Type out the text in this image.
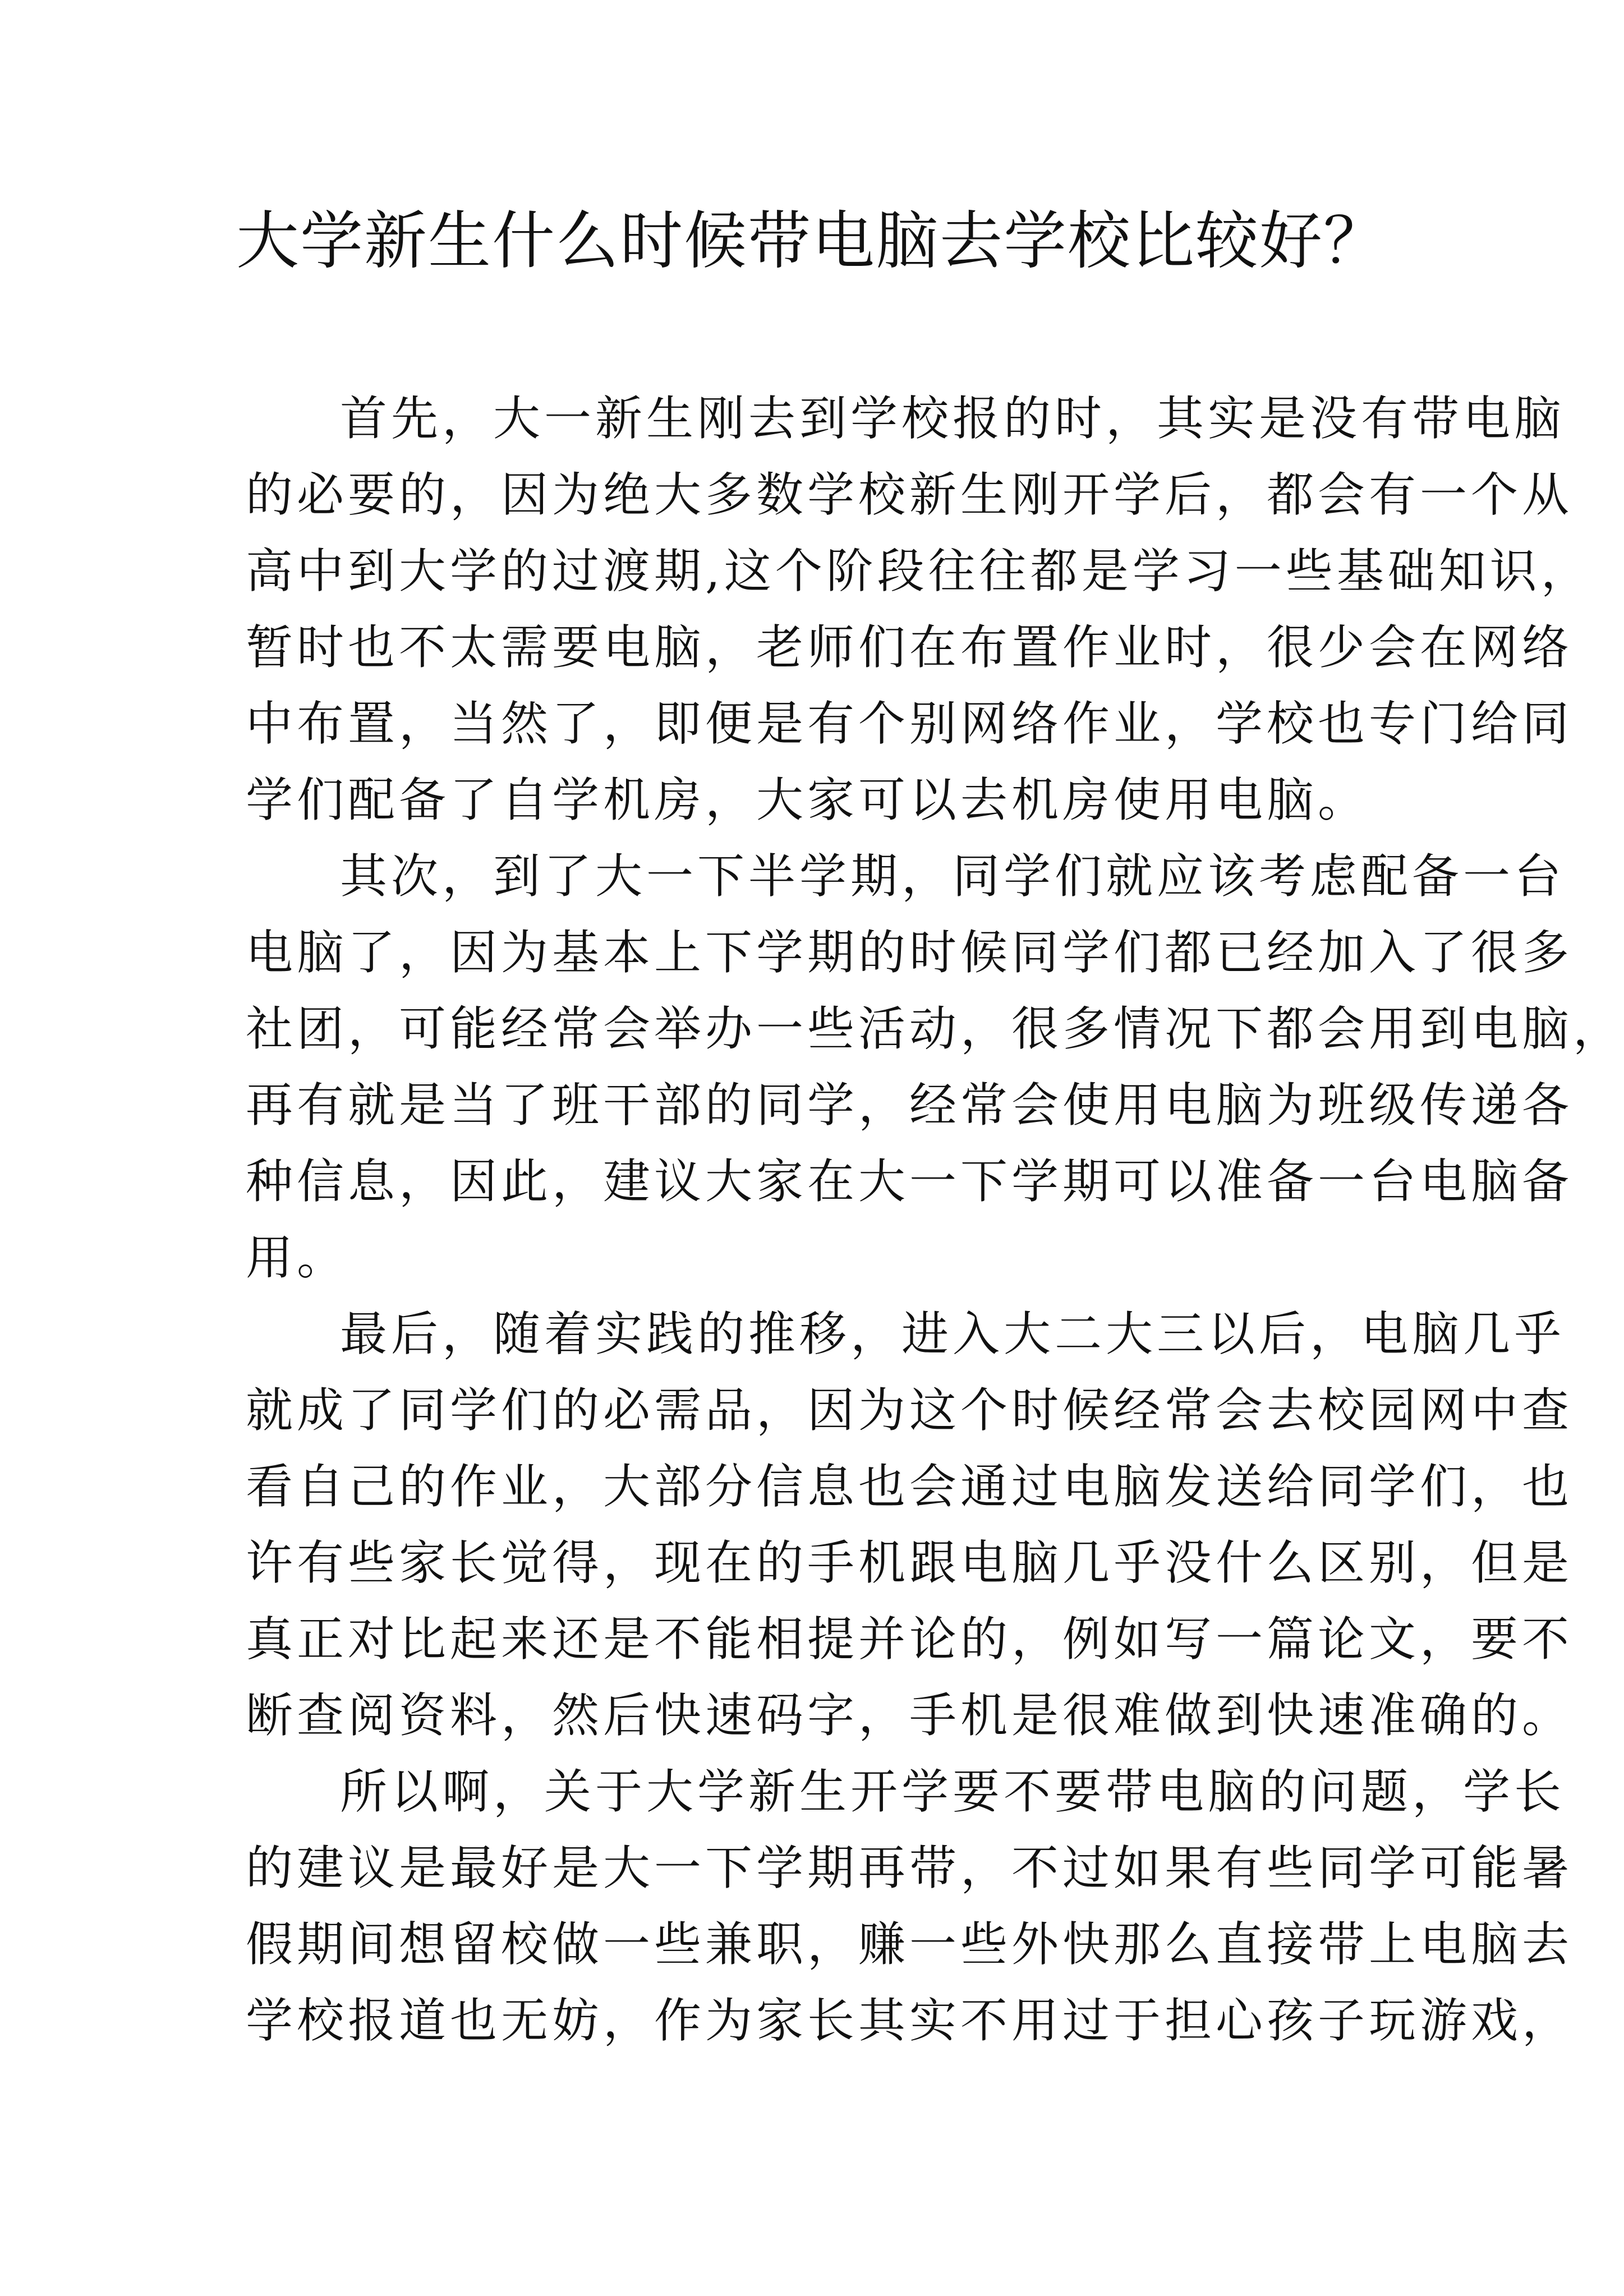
大学新生什么时候带电脑去学校比较好？
首先，大一新生刚去到学校报的时，其实是没有带电脑
的必要的，因为绝大多数学校新生刚开学后，都会有一个从
高中到大学的过渡期,这个阶段往往都是学习一些基础知识，
暂时也不太需要电脑，老师们在布置作业时，很少会在网络
中布置，当然了，即便是有个别网络作业，学校也专门给同
学们配备了自学机房，大家可以去机房使用电脑。
其次，到了大一下半学期，同学们就应该考虑配备一台
电脑了，因为基本上下学期的时候同学们都已经加入了很多
社团，可能经常会举办一些活动，很多情况下都会用到电脑，
再有就是当了班干部的同学，经常会使用电脑为班级传递各
种信息，因此，建议大家在大一下学期可以准备一台电脑备
用。
最后，随着实践的推移，进入大二大三以后，电脑几乎
就成了同学们的必需品，因为这个时候经常会去校园网中查
看自己的作业，大部分信息也会通过电脑发送给同学们，也
许有些家长觉得，现在的手机跟电脑几乎没什么区别，但是
真正对比起来还是不能相提并论的，例如写一篇论文，要不
断查阅资料，然后快速码字，手机是很难做到快速准确的。
所以啊，关于大学新生开学要不要带电脑的问题，学长
的建议是最好是大一下学期再带，不过如果有些同学可能暑
假期间想留校做一些兼职，赚一些外快那么直接带上电脑去
学校报道也无妨，作为家长其实不用过于担心孩子玩游戏，
